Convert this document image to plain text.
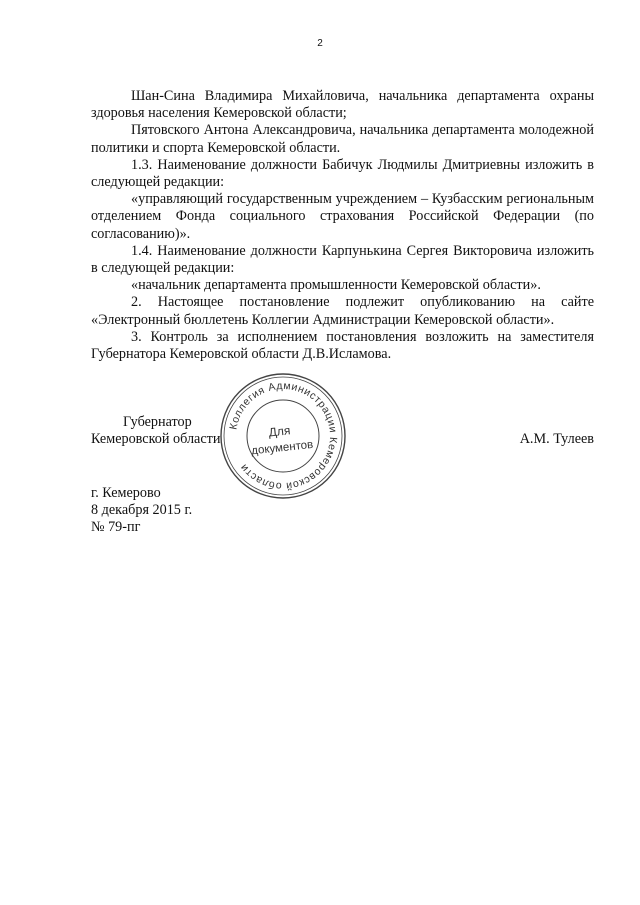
2

Шан-Сина Владимира Михайловича, начальника департамента охраны здоровья населения Кемеровской области;

Пятовского Антона Александровича, начальника департамента молодежной политики и спорта Кемеровской области.

1.3. Наименование должности Бабичук Людмилы Дмитриевны изложить в следующей редакции:

«управляющий государственным учреждением – Кузбасским региональным отделением Фонда социального страхования Российской Федерации (по согласованию)».

1.4. Наименование должности Карпунькина Сергея Викторовича изложить в следующей редакции:

«начальник департамента промышленности Кемеровской области».

2. Настоящее постановление подлежит опубликованию на сайте «Электронный бюллетень Коллегии Администрации Кемеровской области».

3. Контроль за исполнением постановления возложить на заместителя Губернатора Кемеровской области Д.В.Исламова.

Губернатор
Кемеровской области	А.М. Тулеев
Коллегия Администрации Кемеровской области
Для
документов
г. Кемерово
8 декабря 2015 г.
№ 79-пг
